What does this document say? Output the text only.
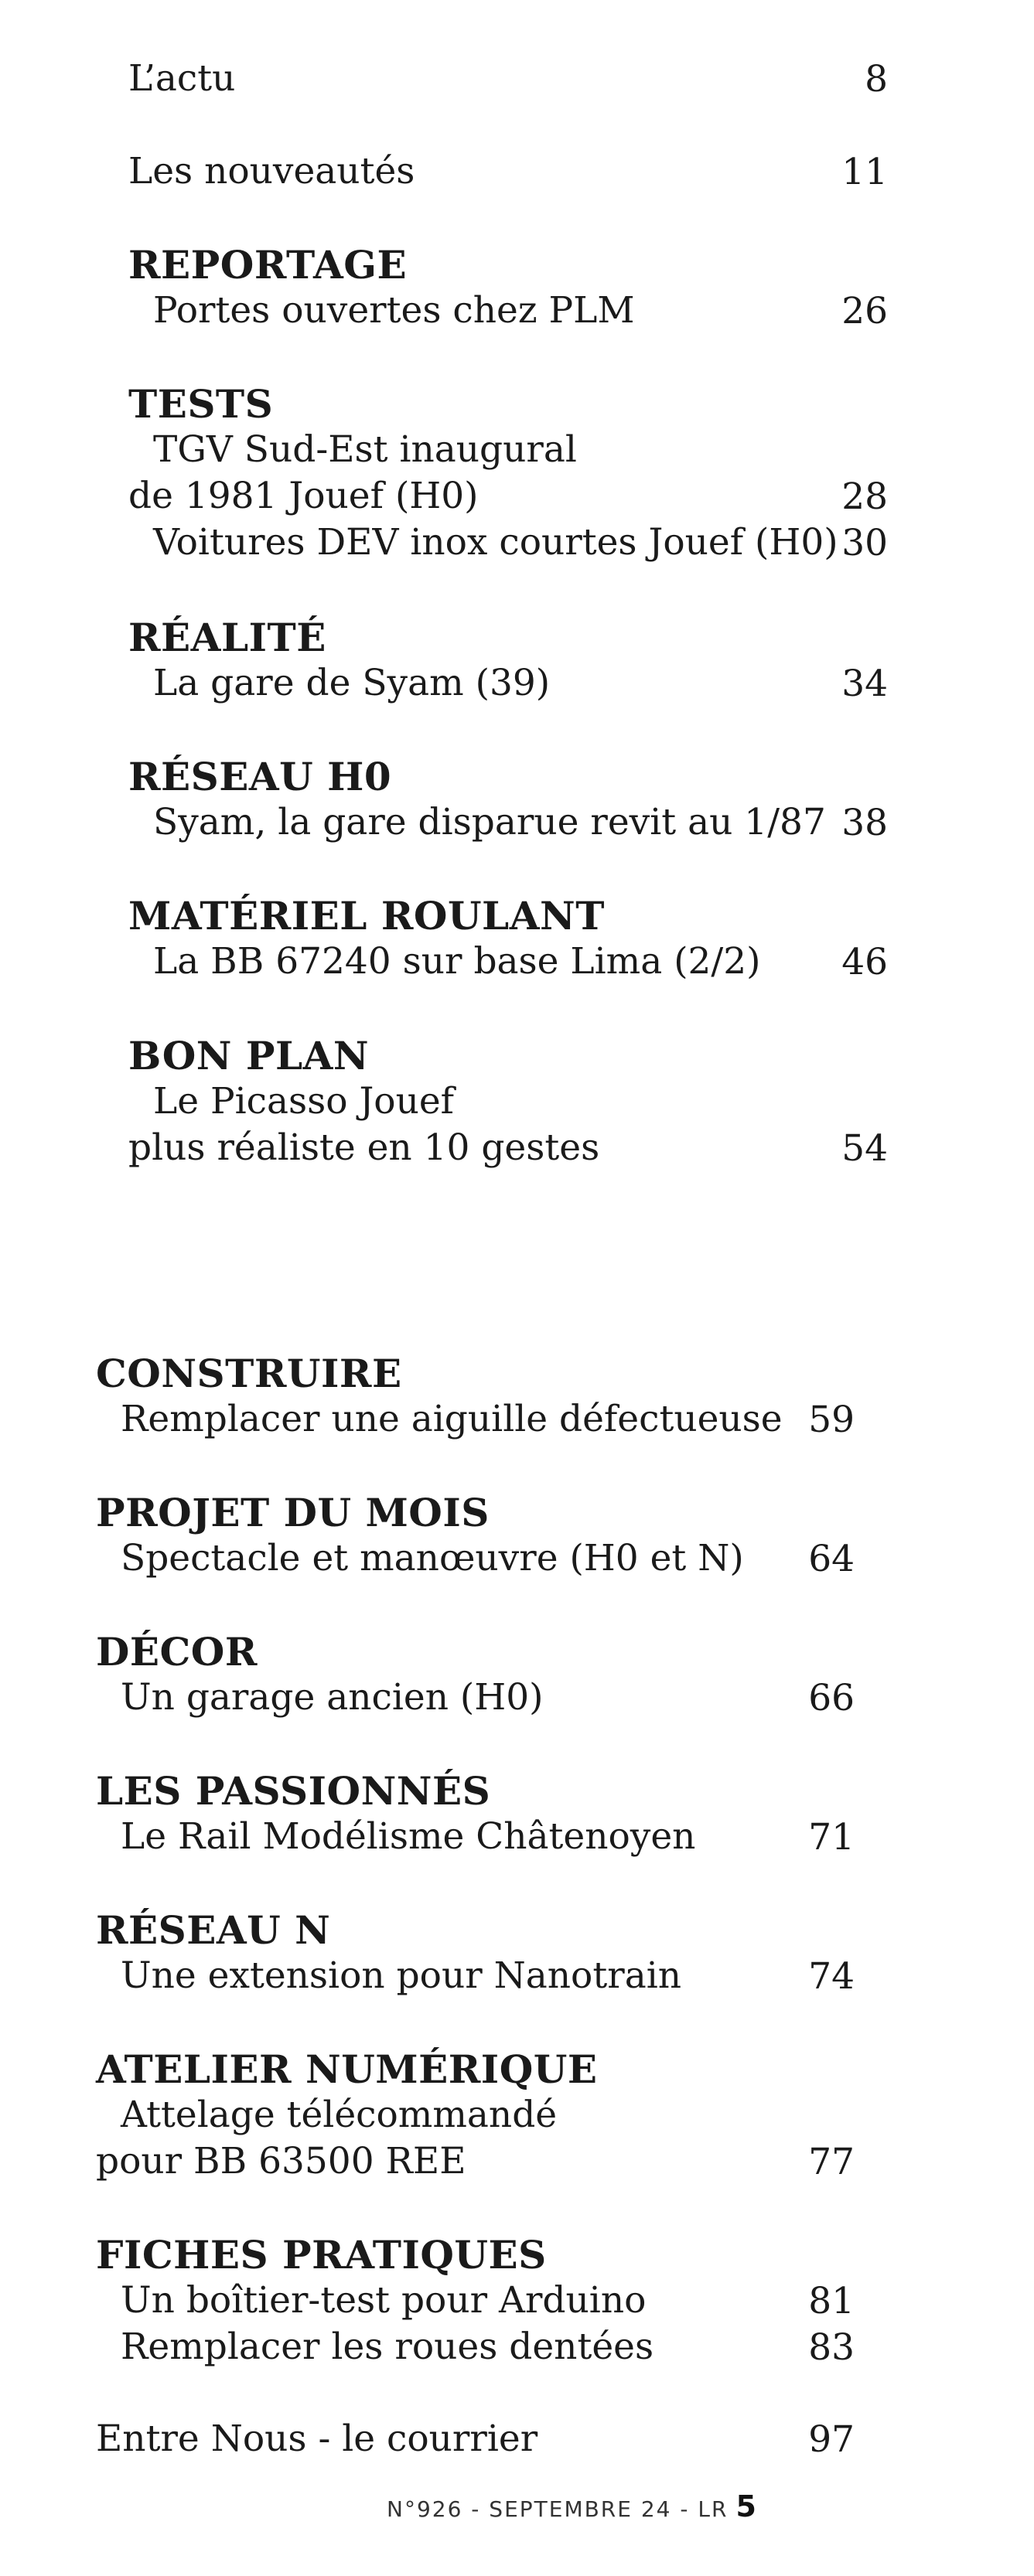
L’actu	8
Les nouveautés	11
REPORTAGE
Portes ouvertes chez PLM	26
TESTS
TGV Sud-Est inaugural
de 1981 Jouef (H0)	28
Voitures DEV inox courtes Jouef (H0) 30
RÉALITÉ
La gare de Syam (39)	34
RÉSEAU H0
Syam, la gare disparue revit au 1/87 38
MATÉRIEL ROULANT
La BB 67240 sur base Lima (2/2)	46
BON PLAN
Le Picasso Jouef
plus réaliste en 10 gestes	54
CONSTRUIRE
Remplacer une aiguille défectueuse 59
PROJET DU MOIS
Spectacle et manœuvre (H0 et N)	64
DÉCOR
Un garage ancien (H0)	66
LES PASSIONNÉS
Le Rail Modélisme Châtenoyen	71
RÉSEAU N
Une extension pour Nanotrain	74
ATELIER NUMÉRIQUE
Attelage télécommandé
pour BB 63500 REE	77
FICHES PRATIQUES
Un boîtier-test pour Arduino	81
Remplacer les roues dentées	83
N°926 - SEPTEMBRE 24 - LR 5
Entre Nous - le courrier	97
